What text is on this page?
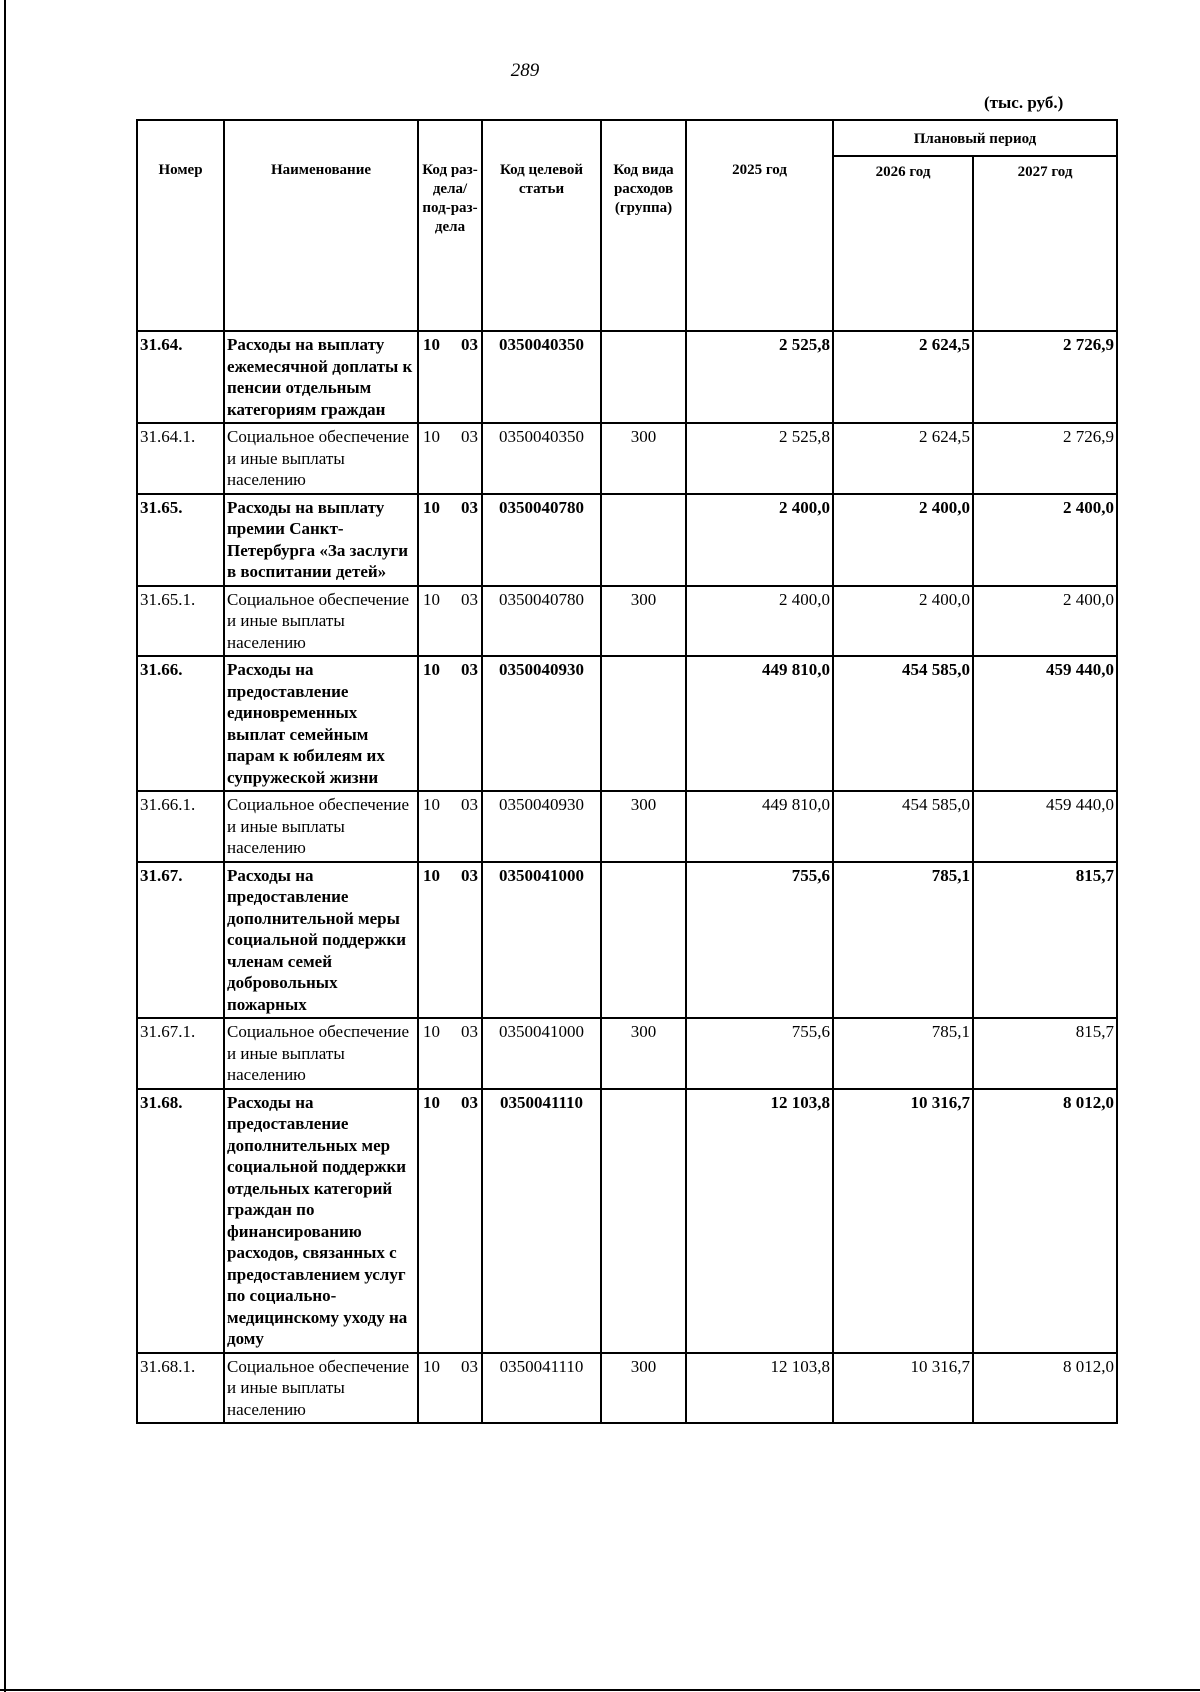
289
(тыс. руб.)
Номер	Наименование	Код раз-дела/ под-раз-дела	Код целевой статьи	Код вида расходов (группа)	2025 год	Плановый период	
						2026 год	2027 год
31.64.	Расходы на выплату ежемесячной доплаты к пенсии отдельным категориям граждан	10 03	0350040350		2 525,8	2 624,5	2 726,9
31.64.1.	Социальное обеспечение и иные выплаты населению	10 03	0350040350	300	2 525,8	2 624,5	2 726,9
31.65.	Расходы на выплату премии Санкт-Петербурга «За заслуги в воспитании детей»	10 03	0350040780		2 400,0	2 400,0	2 400,0
31.65.1.	Социальное обеспечение и иные выплаты населению	10 03	0350040780	300	2 400,0	2 400,0	2 400,0
31.66.	Расходы на предоставление единовременных выплат семейным парам к юбилеям их супружеской жизни	10 03	0350040930		449 810,0	454 585,0	459 440,0
31.66.1.	Социальное обеспечение и иные выплаты населению	10 03	0350040930	300	449 810,0	454 585,0	459 440,0
31.67.	Расходы на предоставление дополнительной меры социальной поддержки членам семей добровольных пожарных	10 03	0350041000		755,6	785,1	815,7
31.67.1.	Социальное обеспечение и иные выплаты населению	10 03	0350041000	300	755,6	785,1	815,7
31.68.	Расходы на предоставление дополнительных мер социальной поддержки отдельных категорий граждан по финансированию расходов, связанных с предоставлением услуг по социально-медицинскому уходу на дому	10 03	0350041110		12 103,8	10 316,7	8 012,0
31.68.1.	Социальное обеспечение и иные выплаты населению	10 03	0350041110	300	12 103,8	10 316,7	8 012,0
